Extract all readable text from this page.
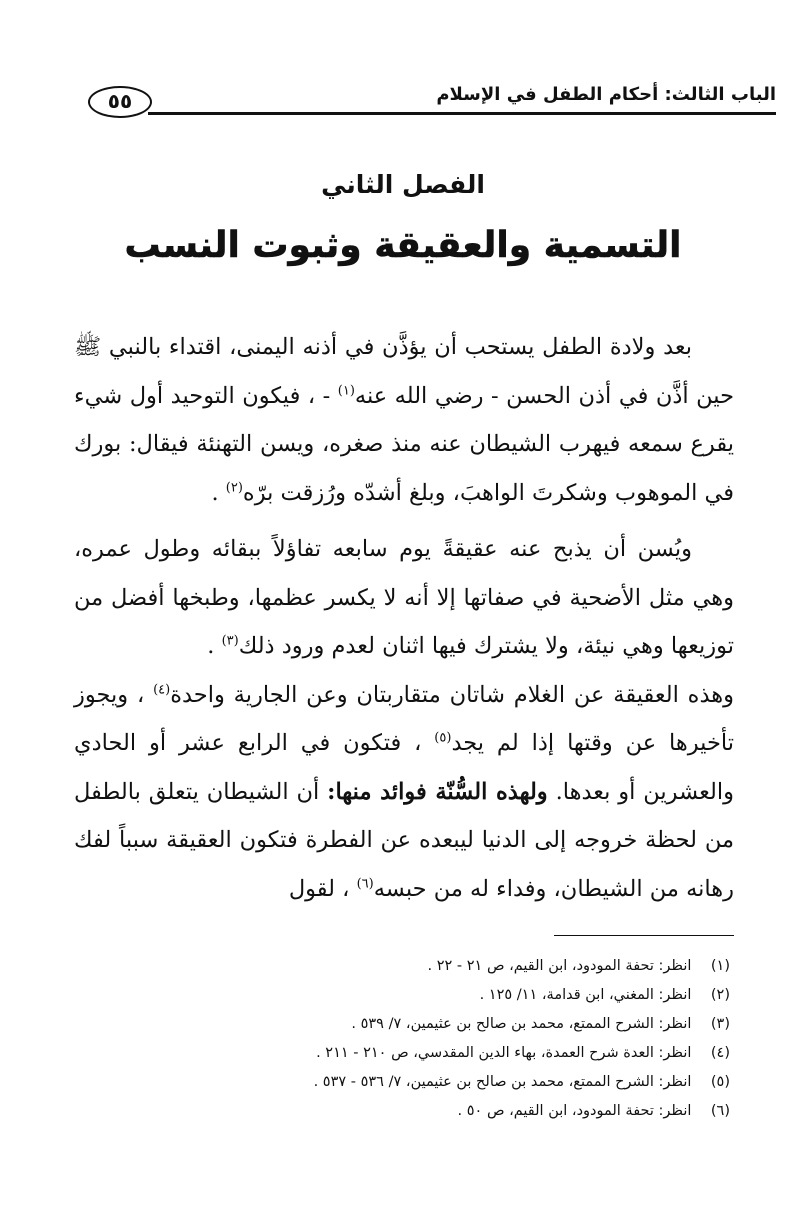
الباب الثالث: أحكام الطفل في الإسلام
٥٥
الفصل الثاني
التسمية والعقيقة وثبوت النسب

بعد ولادة الطفل يستحب أن يؤذَّن في أذنه اليمنى، اقتداء بالنبي ﷺ حين أذَّن في أذن الحسن - رضي الله عنه$^{(١)}$ - ، فيكون التوحيد أول شيء يقرع سمعه فيهرب الشيطان عنه منذ صغره، ويسن التهنئة فيقال: بورك في الموهوب وشكرتَ الواهبَ، وبلغ أشدّه ورُزقت برّه$^{(٢)}$ .

ويُسن أن يذبح عنه عقيقةً يوم سابعه تفاؤلاً ببقائه وطول عمره، وهي مثل الأضحية في صفاتها إلا أنه لا يكسر عظمها، وطبخها أفضل من توزيعها وهي نيئة، ولا يشترك فيها اثنان لعدم ورود ذلك$^{(٣)}$ .

وهذه العقيقة عن الغلام شاتان متقاربتان وعن الجارية واحدة$^{(٤)}$ ، ويجوز تأخيرها عن وقتها إذا لم يجد$^{(٥)}$ ، فتكون في الرابع عشر أو الحادي والعشرين أو بعدها. ولهذه السُّنّة فوائد منها: أن الشيطان يتعلق بالطفل من لحظة خروجه إلى الدنيا ليبعده عن الفطرة فتكون العقيقة سبباً لفك رهانه من الشيطان، وفداء له من حبسه$^{(٦)}$ ، لقول

(١) انظر: تحفة المودود، ابن القيم، ص ٢١ - ٢٢ .
(٢) انظر: المغني، ابن قدامة، ١١/ ١٢٥ .
(٣) انظر: الشرح الممتع، محمد بن صالح بن عثيمين، ٧/ ٥٣٩ .
(٤) انظر: العدة شرح العمدة، بهاء الدين المقدسي، ص ٢١٠ - ٢١١ .
(٥) انظر: الشرح الممتع، محمد بن صالح بن عثيمين، ٧/ ٥٣٦ - ٥٣٧ .
(٦) انظر: تحفة المودود، ابن القيم، ص ٥٠ .
